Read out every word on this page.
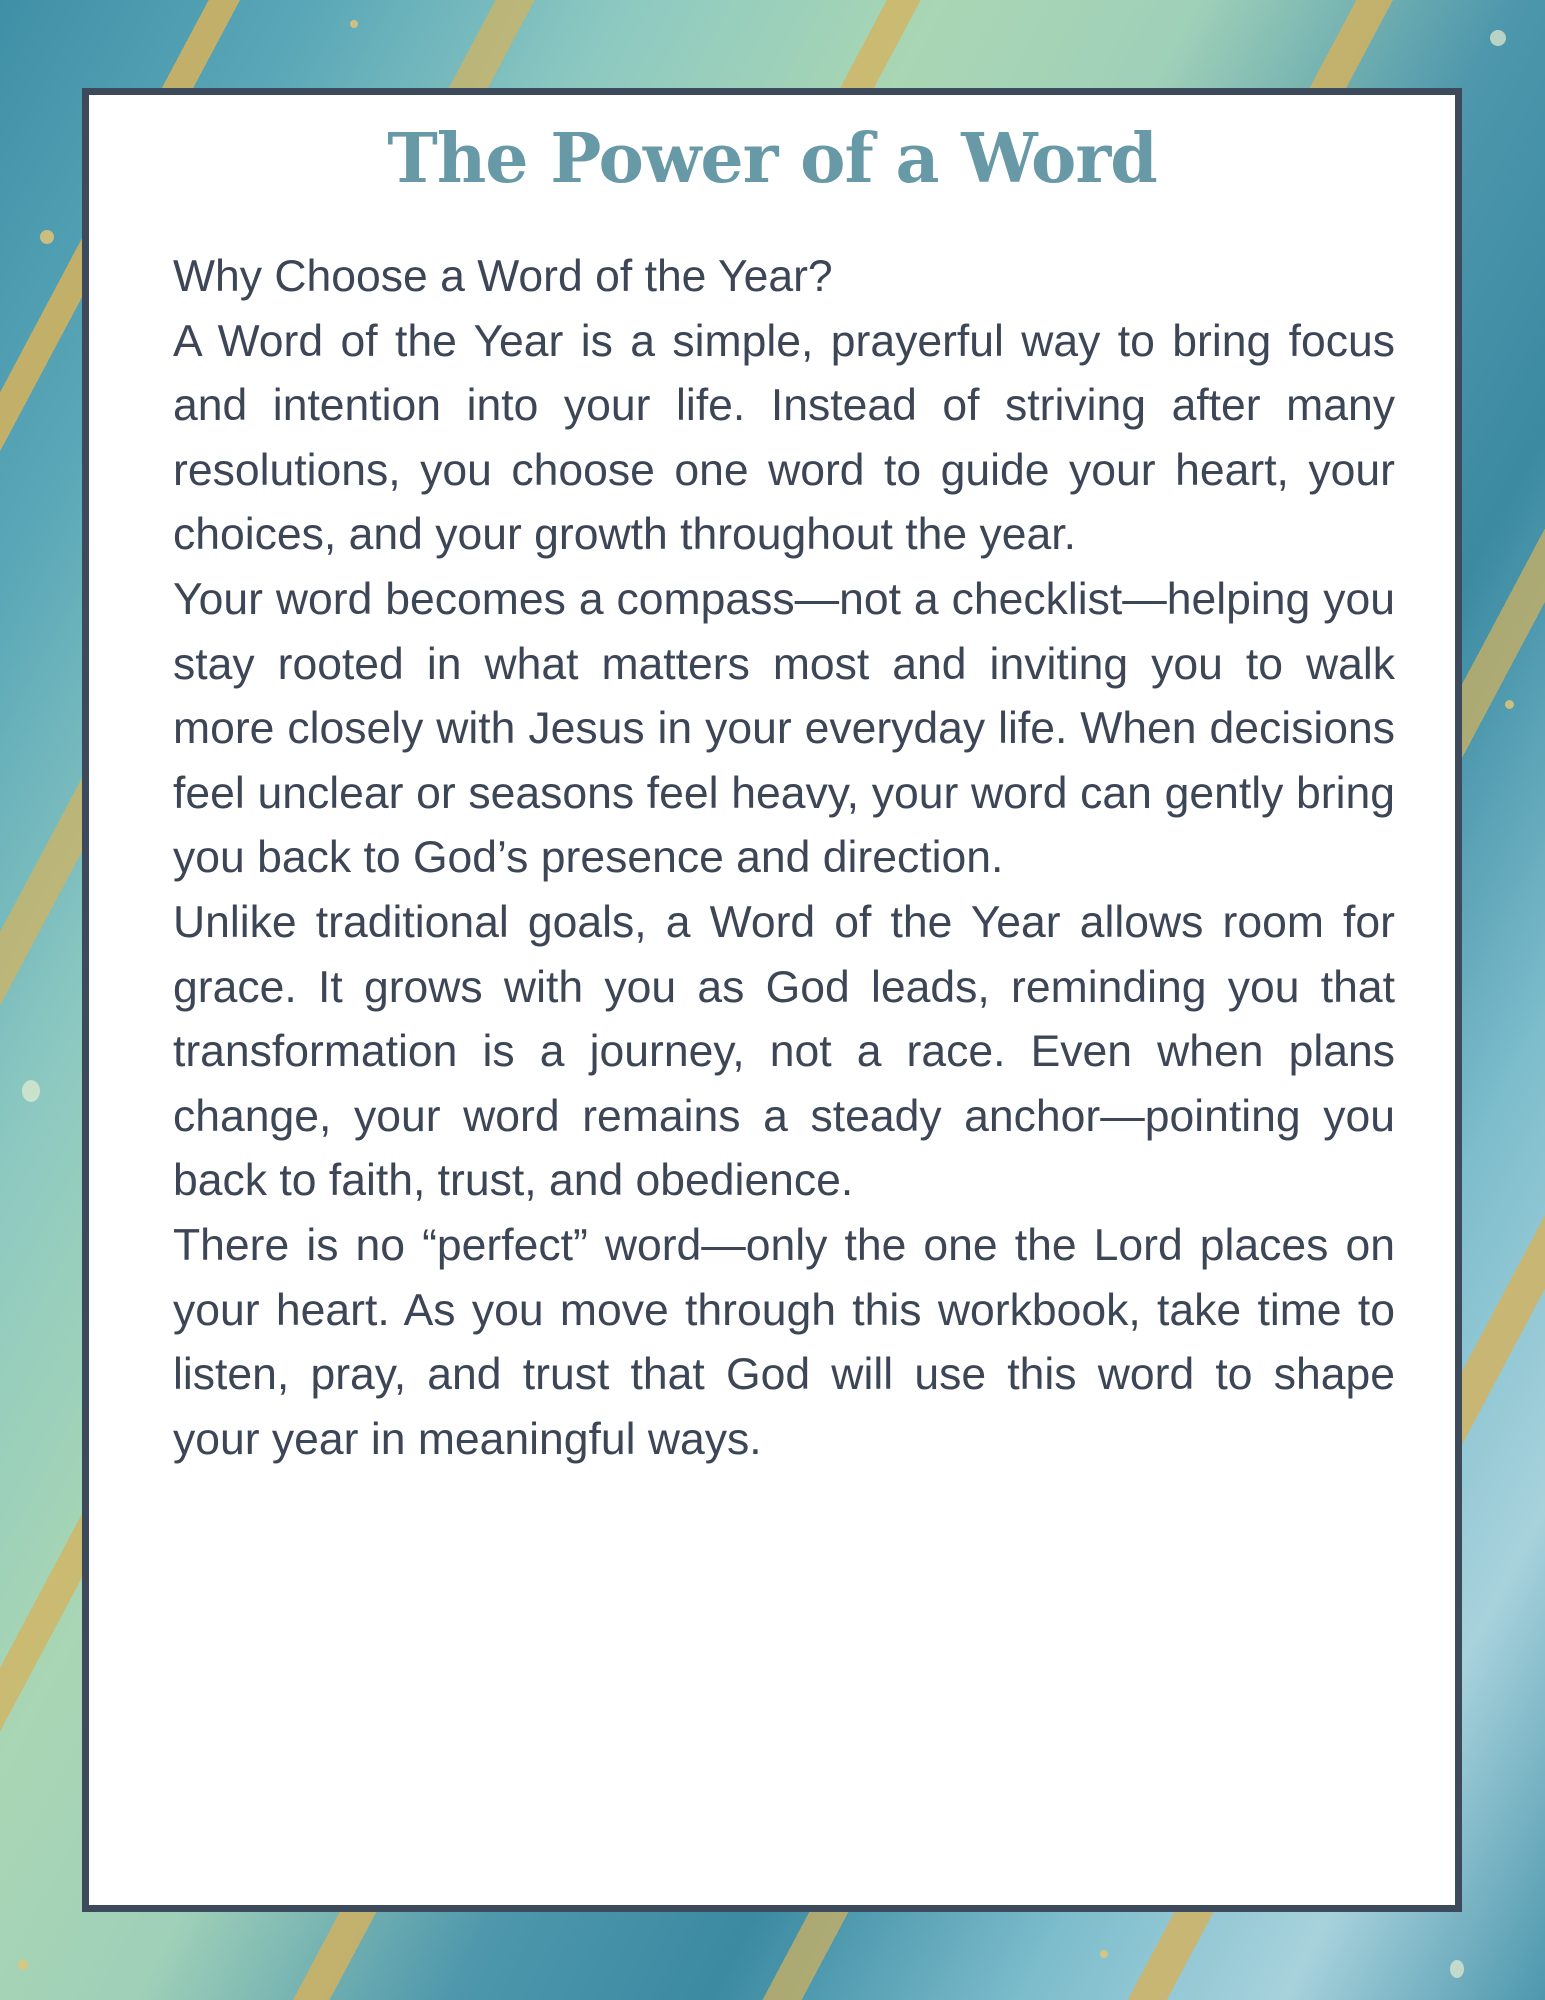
The Power of a Word

Why Choose a Word of the Year?

A Word of the Year is a simple, prayerful way to bring focus and intention into your life. Instead of striving after many resolutions, you choose one word to guide your heart, your choices, and your growth throughout the year.

Your word becomes a compass—not a checklist—helping you stay rooted in what matters most and inviting you to walk more closely with Jesus in your everyday life. When decisions feel unclear or seasons feel heavy, your word can gently bring you back to God’s presence and direction.

Unlike traditional goals, a Word of the Year allows room for grace. It grows with you as God leads, reminding you that transformation is a journey, not a race. Even when plans change, your word remains a steady anchor—pointing you back to faith, trust, and obedience.

There is no “perfect” word—only the one the Lord places on your heart. As you move through this workbook, take time to listen, pray, and trust that God will use this word to shape your year in meaningful ways.
